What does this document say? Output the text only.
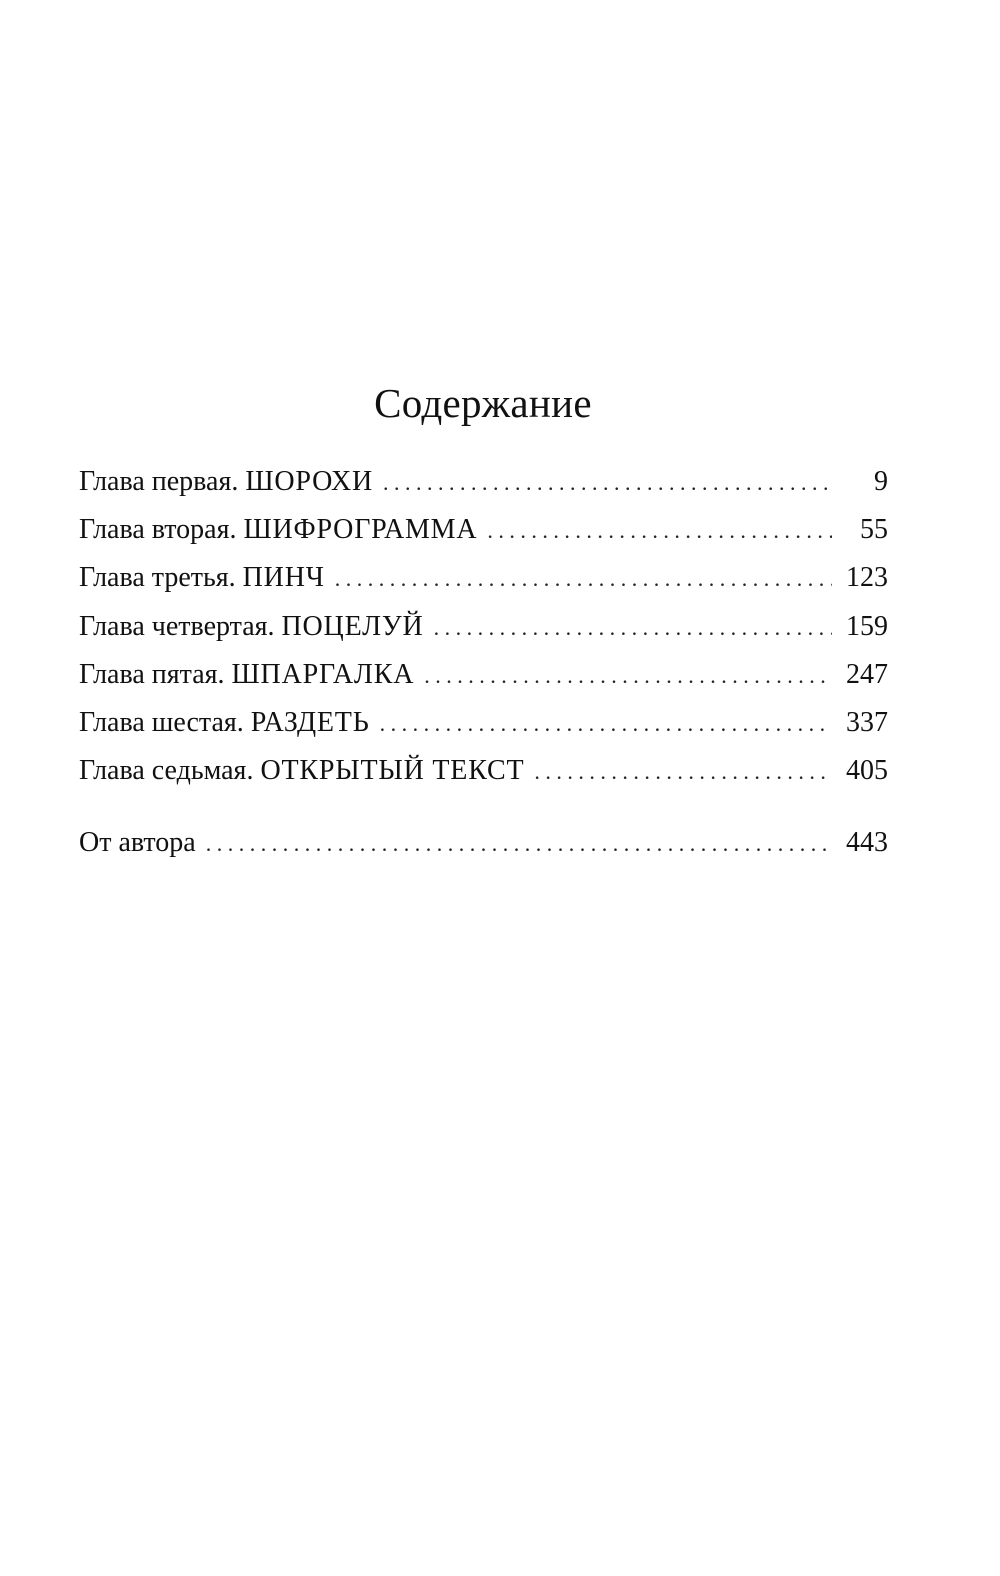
Содержание
Глава первая. ШОРОХИ . . .	9
Глава вторая. ШИФРОГРАММА . . .	55
Глава третья. ПИНЧ . . .	123
Глава четвертая. ПОЦЕЛУЙ . . .	159
Глава пятая. ШПАРГАЛКА . . .	247
Глава шестая. РАЗДЕТЬ . . .	337
Глава седьмая. ОТКРЫТЫЙ ТЕКСТ . . .	405
От автора . . .	443
